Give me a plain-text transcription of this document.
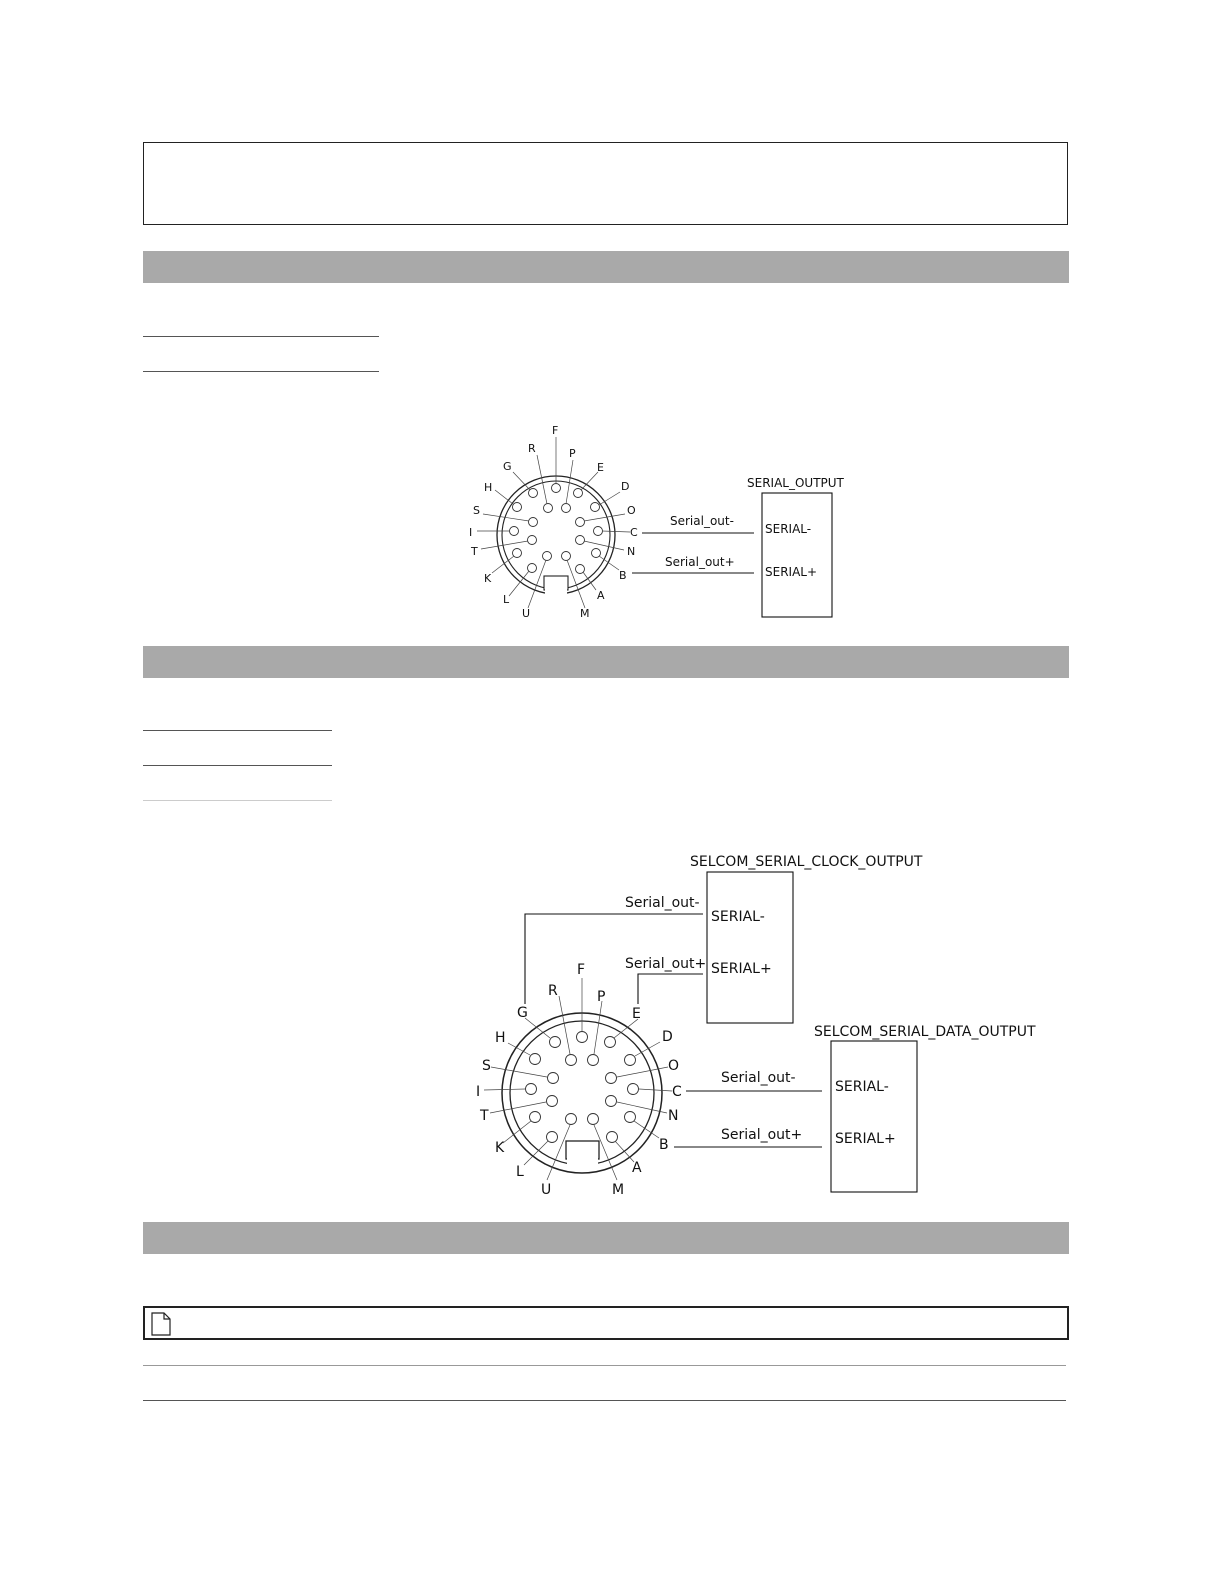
F
R	P
G	E
H	D
S	O
I	C
T	N
K	B
L	A
U	M
Serial_out-
Serial_out+
SERIAL_OUTPUT
SERIAL-
SERIAL+
SELCOM_SERIAL_CLOCK_OUTPUT
SERIAL-
SERIAL+
Serial_out-
Serial_out+
F
R	P
G	E
H	D
S	O
I	C
T	N
K	B
L	A
U	M
Serial_out-
Serial_out+
SELCOM_SERIAL_DATA_OUTPUT
SERIAL-
SERIAL+
